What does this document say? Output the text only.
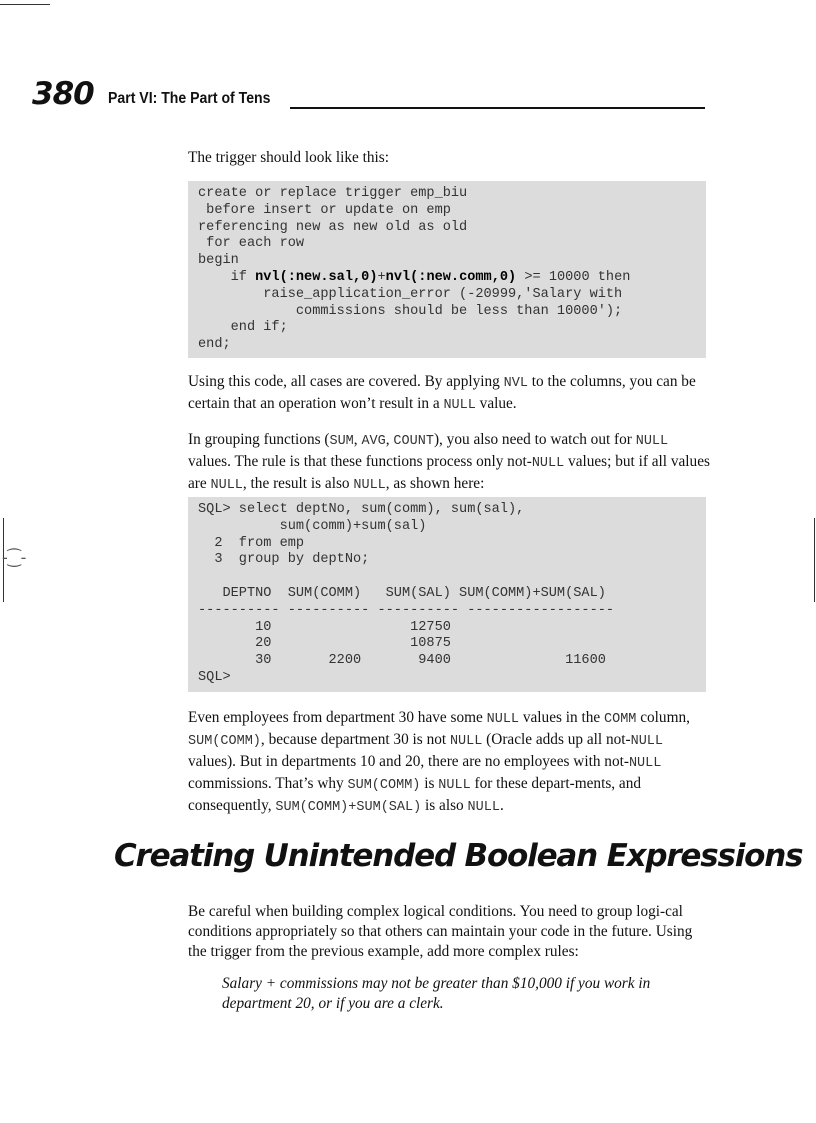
-⁐-
380 Part VI: The Part of Tens
The trigger should look like this:
create or replace trigger emp_biu
before insert or update on emp
referencing new as new old as old
for each row
begin
if nvl(:new.sal,0)+nvl(:new.comm,0) >= 10000 then
raise_application_error (-20999,'Salary with
commissions should be less than 10000');
end if;
end;

Using this code, all cases are covered. By applying NVL to the columns, you can be certain that an operation won’t result in a NULL value.

In grouping functions (SUM, AVG, COUNT), you also need to watch out for NULL values. The rule is that these functions process only not-NULL values; but if all values are NULL, the result is also NULL, as shown here:

SQL> select deptNo, sum(comm), sum(sal),
sum(comm)+sum(sal)
2  from emp
3  group by deptNo;
DEPTNO  SUM(COMM)   SUM(SAL) SUM(COMM)+SUM(SAL)
---------- ---------- ---------- ------------------
10                 12750
20                 10875
30       2200       9400              11600
SQL>

Even employees from department 30 have some NULL values in the COMM column, SUM(COMM), because department 30 is not NULL (Oracle adds up all not-NULL values). But in departments 10 and 20, there are no employees with not-NULL commissions. That’s why SUM(COMM) is NULL for these depart-ments, and consequently, SUM(COMM)+SUM(SAL) is also NULL.

Creating Unintended Boolean Expressions

Be careful when building complex logical conditions. You need to group logi-cal conditions appropriately so that others can maintain your code in the future. Using the trigger from the previous example, add more complex rules:

Salary + commissions may not be greater than $10,000 if you work in department 20, or if you are a clerk.
